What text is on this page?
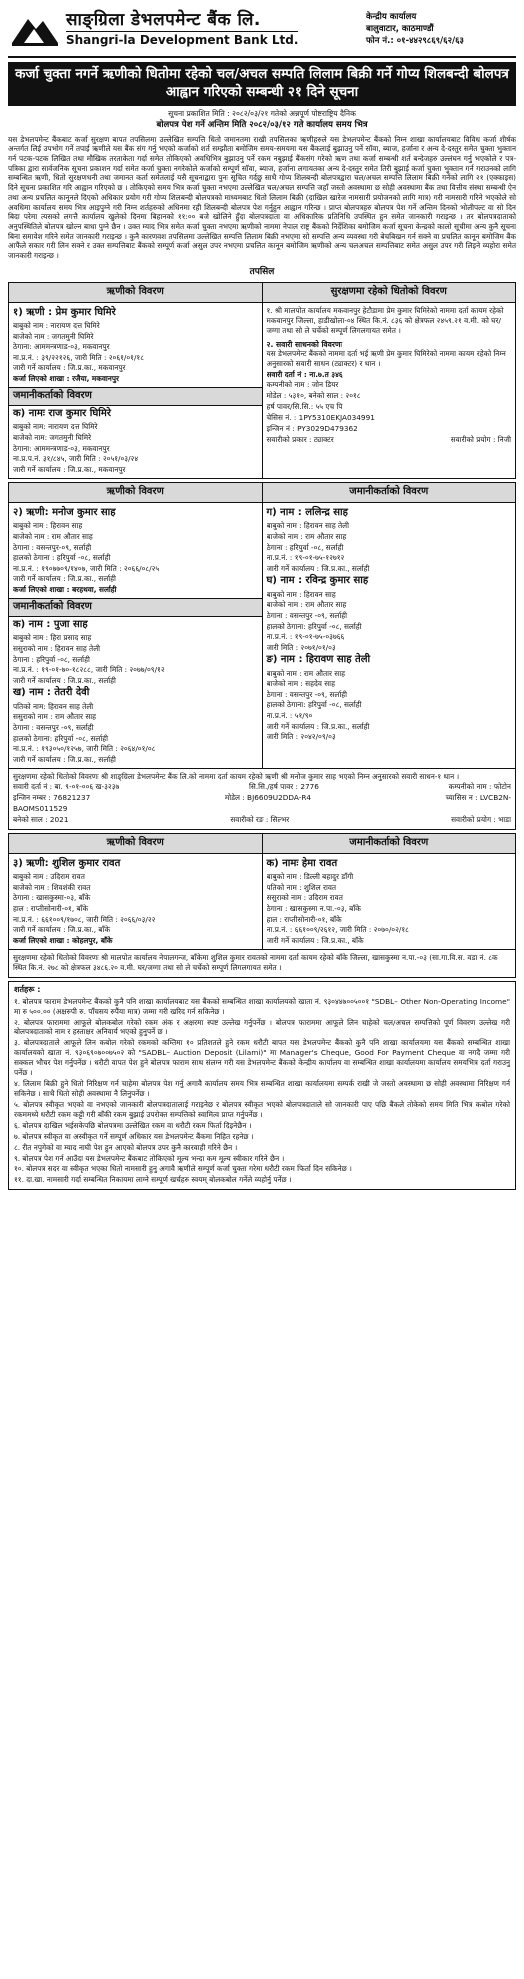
साङ्ग्रिला डेभलपमेन्ट बैंक लि.
Shangri-la Development Bank Ltd.
केन्द्रीय कार्यालय
बालुवाटार, काठमाण्डौं
फोन नं.: ०१-४४२९८६९/६२/६३
कर्जा चुक्ता नगर्ने ऋणीको धितोमा रहेको चल/अचल सम्पति लिलाम बिक्री गर्ने गोप्य शिलबन्दी बोलपत्र आह्वान गरिएको सम्बन्धी २१ दिने सूचना
सूचना प्रकाशित मिति : २०८२/०३/२१ गतेको अन्नपूर्ण पोष्टराष्ट्रिय दैनिक
बोलपत्र पेश गर्ने अन्तिम मिति २०८२/०३/१२ गते कार्यालय समय भित्र
यस डेभलपमेन्ट बैंकबाट कर्जा सुरक्षण बापत तपसिलमा उल्लेखित सम्पत्ति धितो जमानतमा राखी तपसिलका ऋणीहरुले यस डेभलपमेन्ट बैंकको निम्न शाखा कार्यालयबाट विविध कर्जा शीर्षक अन्तर्गत लिई उपभोग गर्ने तपाई ऋणीले यस बैंक संग गर्नु भएको कर्जाको शर्त सम्झौता बमोजिम समय-समयमा यस बैंकलाई बुझाउनु पर्ने सॉवा, ब्याज, हर्जाना र अन्य दे-दस्तुर समेत चुक्ता भुक्तान गर्न पटक-पटक लिखित तथा मौखिक तरताकेता गर्दा समेत तोकिएको अवधिभित्र बुझाउनु पर्ने रकम नबुझाई बैंकसंग गरेको ऋण तथा कर्जा सम्बन्धी शर्त बन्देजहरु उल्लंघन गर्नु भएकोले र पत्र-पत्रिका द्वारा सार्वजनिक सूचना प्रकाशन गर्दा समेत कर्जा चुक्ता नगरेकोले कर्जाको सम्पूर्ण सॉवा, ब्याज, हर्जाना लगायतका अन्य दे-दस्तुर समेत तिरी बुझाई कर्जा चुक्ता भुक्तान गर्न गराउनको लागि सम्बन्धित ऋणी, धितो सुरक्षणधनी तथा जमानत कर्ता समेतलाई यसै सूचनाद्वारा पुनः सूचित गर्दछु साथै गोप्य शिलबन्दी बोलपत्रद्वारा चल/अचल सम्पत्ति लिलाम बिक्री गर्नेको लागि २१ (एक्काइस) दिने सूचना प्रकाशित गरि आह्वान गरिएको छ । तोकिएको समय भित्र कर्जा चुक्ता नभएमा उल्लेखित चल/अचल सम्पत्ति जहाँ जस्तो अवस्थामा छ सोही अवस्थामा बैंक तथा वित्तीय संस्था सम्बन्धी ऐन तथा अन्य प्रचलित कानूनले दिएको अधिकार प्रयोग गरी गोप्य शिलबन्दी बोलपत्रको माध्यमबाट धितो लिलाम बिक्री (दाखिल खारेज नामसारी प्रयोजनको लागि मात्र) गरी नामसारी गरिने भएकोले सो अवधिमा कार्यालय समय भित्र आइपुग्ने गरी निम्न शर्तहरुको अधिनमा रही शिलबन्दी बोलपत्र पेश गर्नुहुन आह्वान गरिन्छ । प्राप्त बोलपत्रहरु बोलपत्र पेश गर्ने अन्तिम दिनको भोलीपल्ट वा सो दिन बिदा परेमा त्यसको लगत्तै कार्यालय खुलेको दिनमा बिहानको ११:०० बजे खोलिने हुँदा बोलपत्रदाता वा अधिकारिक प्रतिनिधि उपस्थित हुन समेत जानकारी गराइन्छ । तर बोलपत्रदाताको अनुपस्थितिले बोलपत्र खोल्न बाधा पुग्ने छैन । उक्त म्याद भित्र समेत कर्जा चुक्ता नभएमा ऋणीको नाममा नेपाल राष्ट्र बैंकको निर्देशिका बमोजिम कर्जा सूचना केन्द्रको कालो सूचीमा अन्य कुनै सूचना बिना समावेश गरिने समेत जानकारी गराइन्छ । कुनै कारणवश तपसिलमा उल्लेखित सम्पत्ति लिलाम बिक्री नभएमा सो सम्पत्ति अन्य व्यवस्था गरी बेचबिखन गर्न सक्ने वा प्रचलित कानून बमोजिम बैंक आफैंले सकार गरी लिन सक्ने र उक्त सम्पत्तिबाट बैंकको सम्पूर्ण कर्जा असुल उपर नभएमा प्रचलित कानून बमोजिम ऋणीको अन्य चलअचल सम्पत्तिबाट समेत असुल उपर गरी लिइने व्यहोरा समेत जानकारी गराइन्छ ।
तपसिल
ऋणीको विवरण	सुरक्षणमा रहेको धितोको विवरण
१) ऋणी : प्रेम कुमार घिमिरे
बाबुको नाम : नारायण दत्त घिमिरे
बाजेको नाम : जगतमुनी घिमिरे
ठेगाना: आममन्त्रणाड-०३, मकवानपुर
ना.प्र.नं. : ३९/२२१२६, जारी मिति : २०६१/०१/१८
जारी गर्ने कार्यालय : जि.प्र.का., मकवानपुर
कर्जा लिएको शाखा : रजैया, मकवानपुर
जमानीकर्ताको विवरण
क) नामः राज कुमार घिमिरे
बाबुको नाम: नारायण दत्त घिमिरे
बाजेको नाम: जगतमुनी घिमिरे
ठेगाना: आममन्त्रणाड-०३, मकवानपुर
ना.प्र.प.नं. ३१/८४५, जारी मिति : २०५१/०३/२४
जारी गर्ने कार्यालय : जि.प्र.का., मकवानपुर
१. श्री मालपोत कार्यालय मकवानपुर हेटौडामा प्रेम कुमार घिमिरेको नाममा दर्ता कायम रहेको मकवानपुर जिल्ला, हाडीखोला-०४ स्थित कि.नं. ८३६ को क्षेत्रफल २४५९.२१ व.मी. को घर/जग्गा तथा सो ले चर्चेको सम्पूर्ण लिगलगायत समेत ।
२. सवारी साधनको विवरणः
यस डेभलपमेन्ट बैंकको नाममा दर्ता भई ऋणी प्रेम कुमार घिमिरेको नाममा कायम रहेको निम्न अनुसारको सवारी साधन (ट्याक्टर) र थान ।
सवारी दर्ता नं : ना.७.त ३४६
कम्पनीको नाम : जोन डियर
मोडेल : ५३१०, बनेको साल : २०१८
हर्ष पावर/सि.सि.: ५५ एच पि
चेसिस नं. : 1PY5310EKJA034991
इन्जिन नं : PY3029D479362
सवारीको प्रकार : ट्याक्टर	सवारीको प्रयोग : निजी
ऋणीको विवरण	जमानीकर्ताको विवरण
२) ऋणी: मनोज कुमार साह
बाबुको नाम : हिरावन साह
बाजेको नाम : राम औतार साह
ठेगाना : वसन्तपुर-०९, सर्लाही
हालको ठेगाना : हरिपुर्वा -०८, सर्लाही
ना.प्र.नं. : १९०७७०९/१४०७, जारी मिति : २०६६/०८/२५
जारी गर्ने कार्यालय : जि.प्र.का., सर्लाही
कर्जा लिएको शाखा : बरहथवा, सर्लाही
जमानीकर्ताको विवरण
क) नाम : पुजा साह
बाबुको नाम : हिरा प्रसाद साह
ससुराको नाम : हिरावन साह तेली
ठेगाना : हरिपुर्वा -०८, सर्लाही
ना.प्र.नं. : १९-०१-७०-१८२८८, जारी मिति : २०७७/०९/१२
जारी गर्ने कार्यालय : जि.प्र.का., सर्लाही
ख) नाम : तेतरी देवी
पतिको नाम: हिरावन साह तेली
ससुराको नाम : राम औतार साह
ठेगाना : वसन्तपुर -०९, सर्लाही
हालको ठेगाना: हरिपुर्वा -०८, सर्लाही
ना.प्र.नं. : १९३०५०/१२५७, जारी मिति : २०६४/०१/०८
जारी गर्ने कार्यालय : जि.प्र.का., सर्लाही
ग) नाम : ललिन्द्र साह
बाबुको नाम : हिरावन साह तेली
बाजेको नाम : राम औतार साह
ठेगाना : हरिपुर्वा -०८, सर्लाही
ना.प्र.नं. : १९-०१-७५-१२७१२
जारी गर्ने कार्यालय : जि.प्र.का., सर्लाही
घ) नाम : रविन्द्र कुमार साह
बाबुको नाम : हिरावन साह
बाजेको नाम : राम औतार साह
ठेगाना : वसन्तपुर -०९, सर्लाही
हालको ठेगाना: हरिपुर्वा -०८, सर्लाही
ना.प्र.नं. : १९-०१-७५-०३७६६
जारी मिति : २०७१/०१/०३
ङ) नाम : हिरावण साह तेली
बाबुको नाम : राम औतार साह
बाजेको नाम : सहदेव साह
ठेगाना : वसन्तपुर -०९, सर्लाही
हालको ठेगाना: हरिपुर्वा -०८, सर्लाही
ना.प्र.नं. : ५१/९०
जारी गर्ने कार्यालय : जि.प्र.का., सर्लाही
जारी मिति : २०४२/०९/०३
सुरक्षणमा रहेको धितोको विवरणः श्री शाङ्ग्रिला डेभलपमेन्ट बैंक लि.को नाममा दर्ता कायम रहेको ऋणी श्री मनोज कुमार साह भएको निम्न अनुसारको सवारी साधन-१ थान ।
सवारी दर्ता नं : बा. ९-०१-००६ ख-३२३७	सि.सि./हर्ष पावर : 2776	कम्पनीको नाम : फोटोन
इन्जिन नम्बर : 76821237	मोडेल : BJ6609U2DDA-R4	च्यासिस न : LVCB2N-
BAOMS011529
बनेको साल : 2021	सवारीको रङ : सिल्भर	सवारीको प्रयोग : भाडा
ऋणीको विवरण	जमानीकर्ताको विवरण
३) ऋणी: शुशिल कुमार रावत
बाबुको नाम : उदिराम रावत
बाजेको नाम : शिवशंकी रावत
ठेगाना : खासकुस्मा-०३, बाँके
हाल : राप्तीसोनारी-०१, बाँके
ना.प्र.नं. : ६६१००९/१७०८, जारी मिति : २०६६/०३/२२
जारी गर्ने कार्यालय : जि.प्र.का., बाँके
कर्जा लिएको शाखा : कोहलपुर, बाँके
क) नामः हेमा रावत
बाबुको नाम : डिल्ली बहादुर डाँगी
पतिको नाम : शुशिल रावत
ससुराको नाम : उदिराम रावत
ठेगाना : खासकुस्मा न.पा.-०३, बाँके
हाल : राप्तीसोनारी-०१, बाँके
ना.प्र.नं. : ६६१००९/२६१२, जारी मिति : २०७०/०२/१८
जारी गर्ने कार्यालय : जि.प्र.का., बाँके
सुरक्षणमा रहेको धितोको विवरणः श्री मालपोत कार्यालय नेपालगन्ज, बाँकेमा शुशिल कुमार रावतको नाममा दर्ता कायम रहेको बाँके जिल्ला, खासकुस्मा न.पा.-०३ (सा.गा.वि.स. वडा नं. ८क स्थित कि.नं. २७८ को क्षेत्रफल ३४८६.२० व.मी. घर/जग्गा तथा सो ले चर्चेको सम्पूर्ण लिगलगायत समेत ।
शर्तहरू :
१. बोलपत्र फाराम डेभलपमेन्ट बैंकको कुनै पनि शाखा कार्यालयबाट यस बैंकको सम्बन्धित शाखा कार्यालयको खाता नं. ९३०४४७००५००१ "SDBL– Other Non-Operating Income" मा रु ५००.०० (अक्षरुपी रु. पाँचसय रुपैंया मात्र) जम्मा गरी खरिद गर्न सकिनेछ ।
२. बोलपत्र फाराममा आफूले बोलकबोल गरेको रकम अंक र अक्षरमा स्पष्ट उल्लेख गर्नुपर्नेछ । बोलपत्र फाराममा आफूले लिन चाहेको चल/अचल सम्पत्तिको पूर्ण विवरण उल्लेख गरी बोलपत्रदाताको नाम र हस्ताक्षर अनिवार्य भएको हुनुपर्ने छ ।
३. बोलपत्रदाताले आफूले लिन कबोल गरेको रकमको कम्तिमा १० प्रतिशतले हुने रकम धरौटी बापत यस डेभलपमेन्ट बैंकको कुनै पनि शाखा कार्यालयमा यस बैंकको सम्बन्धित शाखा कार्यालयको खाता नं. ९३०६९०७००७५०२ को "SADBL– Auction Deposit (Lilami)" मा Manager's Cheque, Good For Payment Cheque वा नगदै जम्मा गरी सक्कल भौचर पेश गर्नुपर्नेछ । धरौटी वापत पेश हुने बोलपत्र फाराम साथ संलग्न गरी यस डेभलपमेन्ट बैंकको केन्द्रीय कार्यालय वा सम्बन्धित शाखा कार्यालयमा कार्यालय समयभित्र दर्ता गराउनु पर्नेछ ।
४. लिलाम बिक्री हुने धितो निरिक्षण गर्न चाहेमा बोलपत्र पेश गर्नु अगावै कार्यालय समय भित्र सम्बन्धित शाखा कार्यालयमा सम्पर्क राखी जे जस्तो अवस्थामा छ सोही अवस्थामा निरिक्षण गर्न सकिनेछ । साथै धितो सोही अवस्थामा नै लिनुपर्नेछ ।
५. बोलपत्र स्वीकृत भएको वा नभएको जानकारी बोलपत्रदातालाई गराइनेछ र बोलपत्र स्वीकृत भएको बोलपत्रदाताले सो जानकारी पाए पछि बैंकले तोकेको समय मिति भित्र कबोल गरेको रकममध्ये धरौटी रकम कट्टी गरी बाँकी रकम बुझाई उपरोक्त सम्पत्तिको स्वामित्व प्राप्त गर्नुपर्नेछ ।
६. बोलपत्र दाखिल भईसकेपछि बोलपत्रमा उल्लेखित रकम वा धरौटी रकम फिर्ता दिइनेछैन ।
७. बोलपत्र स्वीकृत वा अस्वीकृत गर्ने सम्पूर्ण अधिकार यस डेभलपमेन्ट बैंकमा निहित रहनेछ ।
८. रीत नपुगेको वा म्याद नाघी पेश हुन आएको बोलपत्र उपर कुनै कारवाही गरिने छैन ।
९. बोलपत्र पेश गर्न आउँदा यस डेभलपमेन्ट बैंकबाट तोकिएको मूल्य भन्दा कम मूल्य स्वीकार गरिने छैन ।
१०. बोलपत्र सदर वा स्वीकृत भएका धितो नामसारी हुनु अगावै ऋणीले सम्पूर्ण कर्जा चुक्ता गरेमा धरौटी रकम फिर्ता दिन सकिनेछ ।
११. दा.खा. नामसारी गर्दा सम्बन्धित निकायमा लाग्ने सम्पूर्ण खर्चहरु स्वयम् बोलकबोल गर्नेले व्यहोर्नु पर्नेछ ।
